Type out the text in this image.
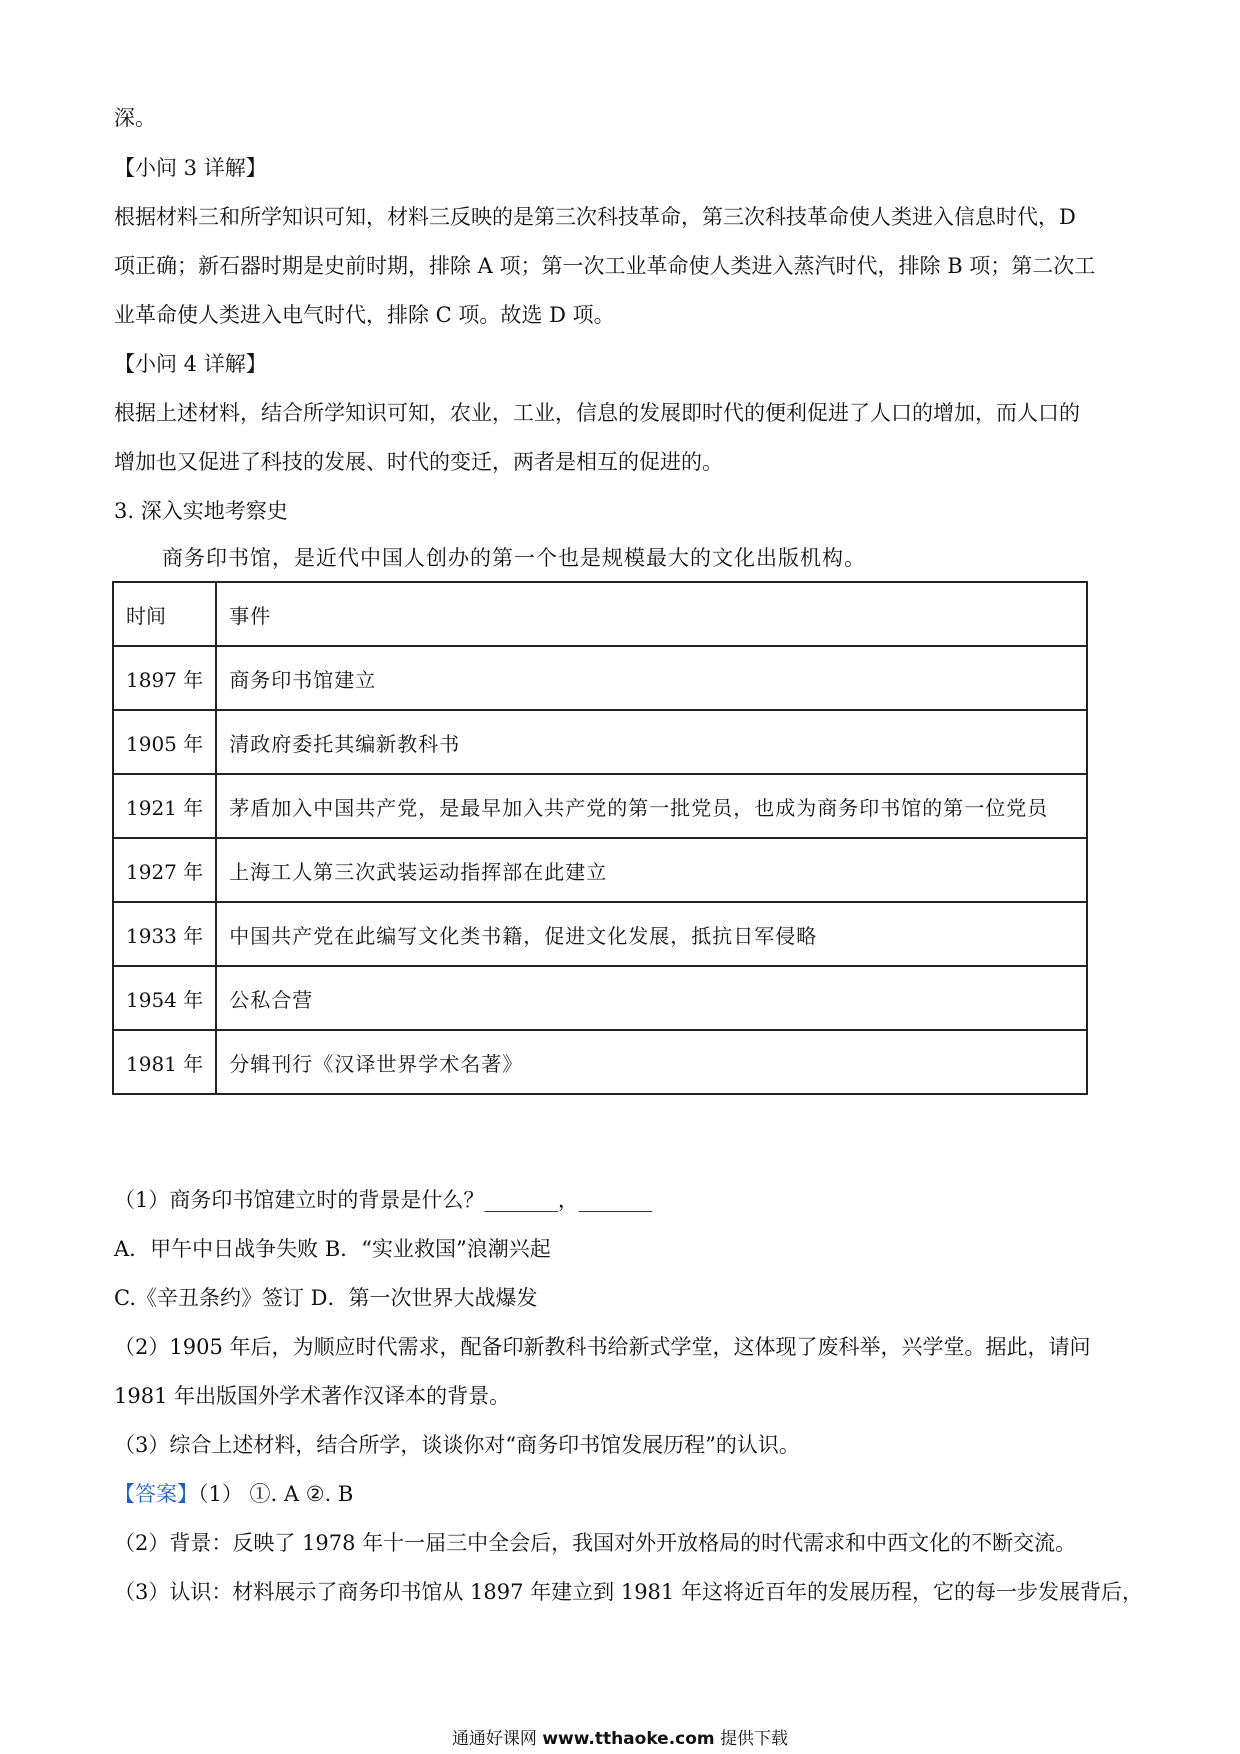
深。
【小问 3 详解】
根据材料三和所学知识可知，材料三反映的是第三次科技革命，第三次科技革命使人类进入信息时代，D
项正确；新石器时期是史前时期，排除 A 项；第一次工业革命使人类进入蒸汽时代，排除 B 项；第二次工
业革命使人类进入电气时代，排除 C 项。故选 D 项。
【小问 4 详解】
根据上述材料，结合所学知识可知，农业，工业，信息的发展即时代的便利促进了人口的增加，而人口的
增加也又促进了科技的发展、时代的变迁，两者是相互的促进的。
3. 深入实地考察史
商务印书馆，是近代中国人创办的第一个也是规模最大的文化出版机构。
时间	事件
1897 年	商务印书馆建立
1905 年	清政府委托其编新教科书
1921 年	茅盾加入中国共产党，是最早加入共产党的第一批党员，也成为商务印书馆的第一位党员
1927 年	上海工人第三次武装运动指挥部在此建立
1933 年	中国共产党在此编写文化类书籍，促进文化发展，抵抗日军侵略
1954 年	公私合营
1981 年	分辑刊行《汉译世界学术名著》
（1）商务印书馆建立时的背景是什么？_______，_______
A．甲午中日战争失败 B．“实业救国”浪潮兴起
C.《辛丑条约》签订 D．第一次世界大战爆发
（2）1905 年后，为顺应时代需求，配备印新教科书给新式学堂，这体现了废科举，兴学堂。据此，请问
1981 年出版国外学术著作汉译本的背景。
（3）综合上述材料，结合所学，谈谈你对“商务印书馆发展历程”的认识。
【答案】（1） ①. A ②. B
（2）背景：反映了 1978 年十一届三中全会后，我国对外开放格局的时代需求和中西文化的不断交流。
（3）认识：材料展示了商务印书馆从 1897 年建立到 1981 年这将近百年的发展历程，它的每一步发展背后，
通通好课网 www.tthaoke.com 提供下载
